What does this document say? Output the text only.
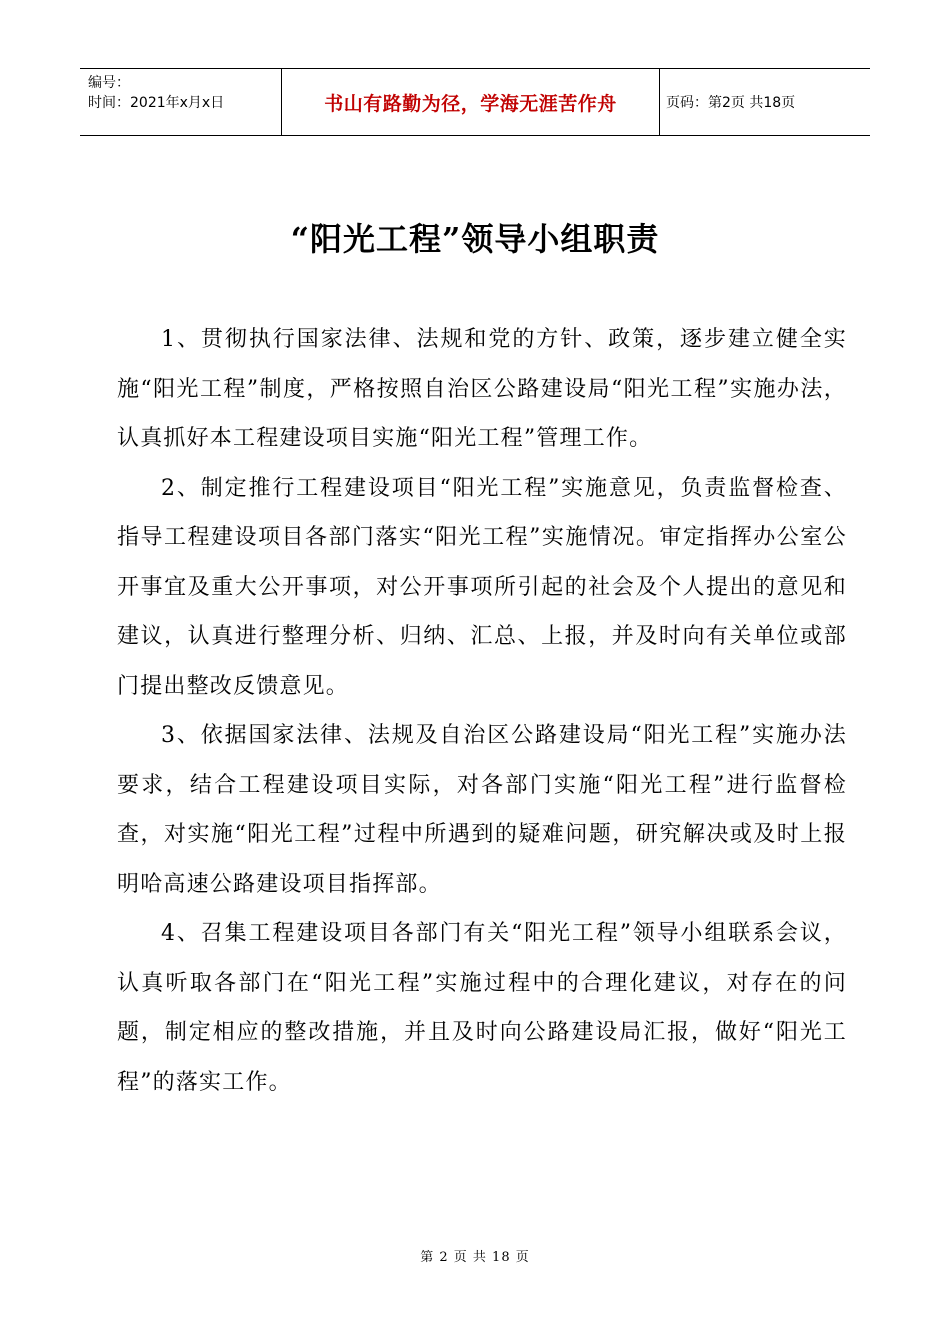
编号：
时间：2021年x月x日	书山有路勤为径，学海无涯苦作舟	页码：第2页 共18页
“阳光工程”领导小组职责

1、贯彻执行国家法律、法规和党的方针、政策，逐步建立健全实施“阳光工程”制度，严格按照自治区公路建设局“阳光工程”实施办法，认真抓好本工程建设项目实施“阳光工程”管理工作。

2、制定推行工程建设项目“阳光工程”实施意见，负责监督检查、指导工程建设项目各部门落实“阳光工程”实施情况。审定指挥办公室公开事宜及重大公开事项，对公开事项所引起的社会及个人提出的意见和建议，认真进行整理分析、归纳、汇总、上报，并及时向有关单位或部门提出整改反馈意见。

3、依据国家法律、法规及自治区公路建设局“阳光工程”实施办法要求，结合工程建设项目实际，对各部门实施“阳光工程”进行监督检查，对实施“阳光工程”过程中所遇到的疑难问题，研究解决或及时上报明哈高速公路建设项目指挥部。

4、召集工程建设项目各部门有关“阳光工程”领导小组联系会议，认真听取各部门在“阳光工程”实施过程中的合理化建议，对存在的问题，制定相应的整改措施，并且及时向公路建设局汇报，做好“阳光工程”的落实工作。

第 2 页 共 18 页
